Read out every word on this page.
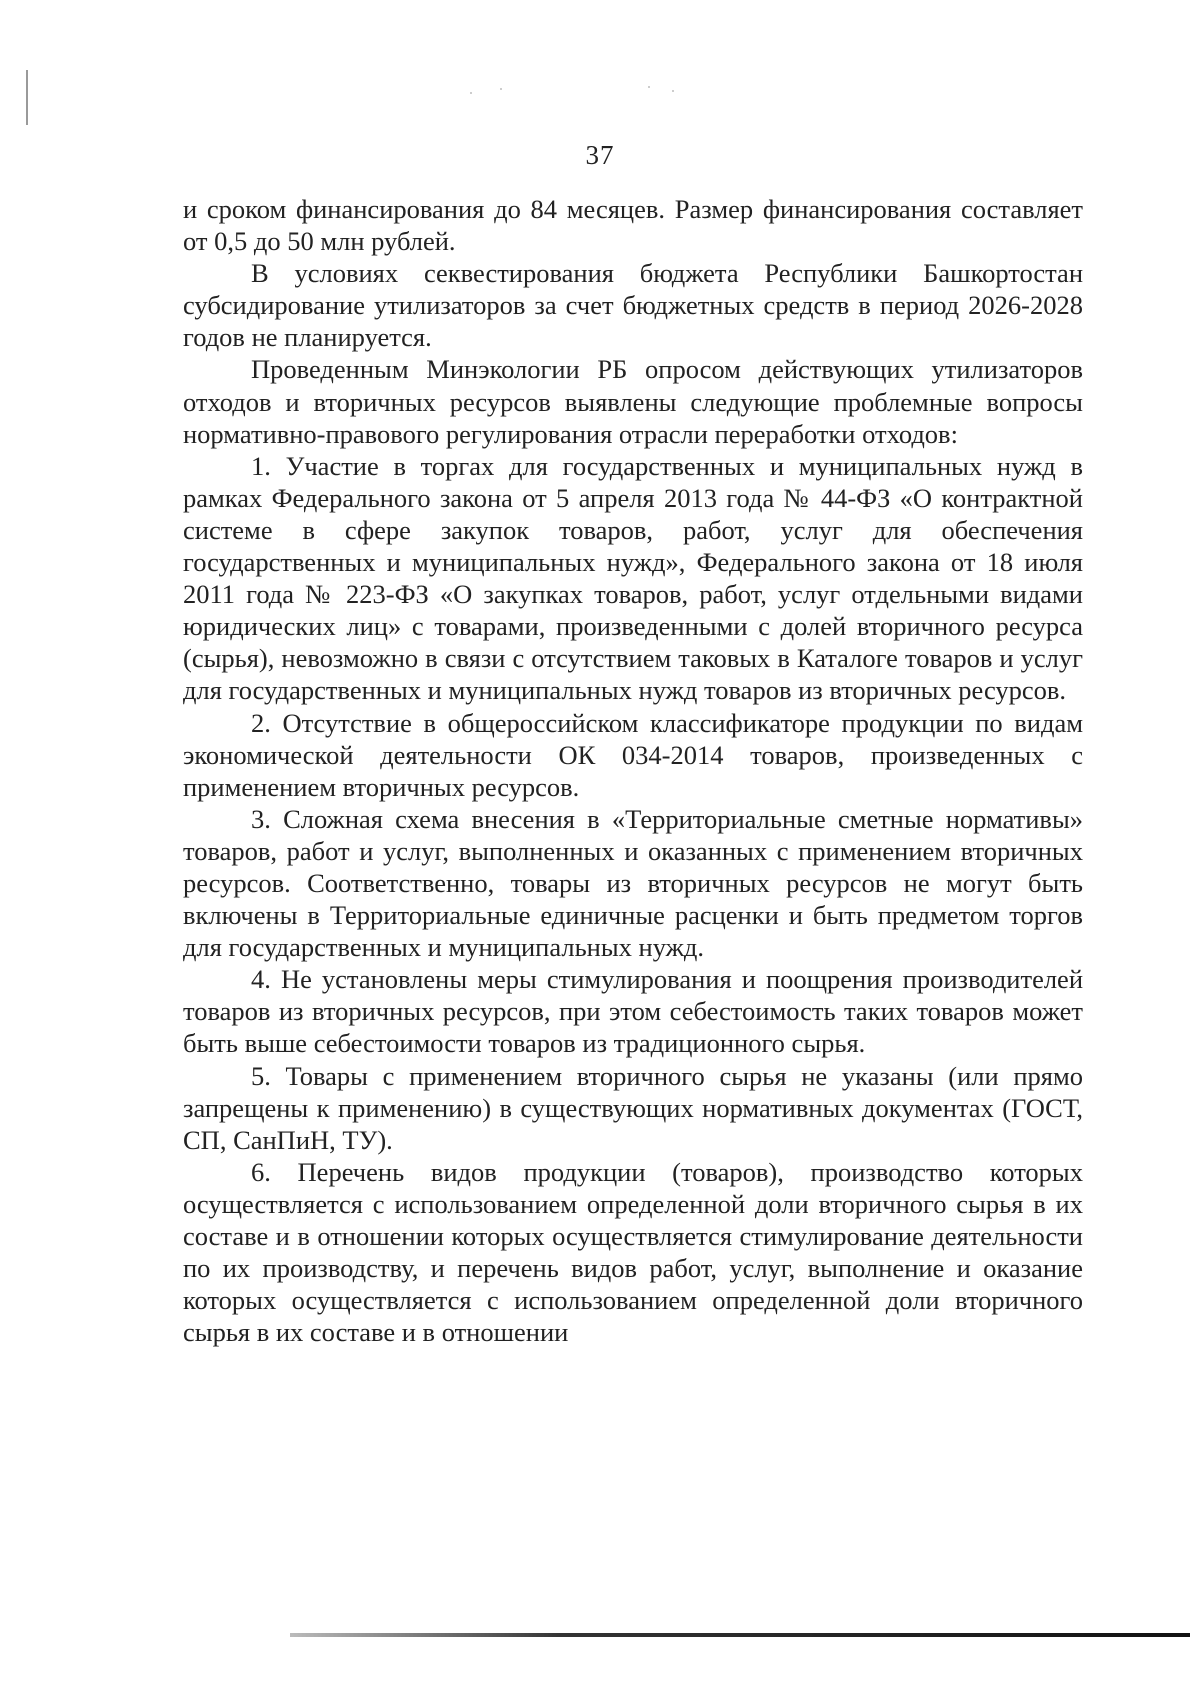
37

и сроком финансирования до 84 месяцев. Размер финансирования составляет от 0,5 до 50 млн рублей.

В условиях секвестирования бюджета Республики Башкортостан субсидирование утилизаторов за счет бюджетных средств в период 2026-2028 годов не планируется.

Проведенным Минэкологии РБ опросом действующих утилизаторов отходов и вторичных ресурсов выявлены следующие проблемные вопросы нормативно-правового регулирования отрасли переработки отходов:

1. Участие в торгах для государственных и муниципальных нужд в рамках Федерального закона от 5 апреля 2013 года № 44-ФЗ «О контрактной системе в сфере закупок товаров, работ, услуг для обеспечения государственных и муниципальных нужд», Федерального закона от 18 июля 2011 года № 223-ФЗ «О закупках товаров, работ, услуг отдельными видами юридических лиц» с товарами, произведенными с долей вторичного ресурса (сырья), невозможно в связи с отсутствием таковых в Каталоге товаров и услуг для государственных и муниципальных нужд товаров из вторичных ресурсов.

2. Отсутствие в общероссийском классификаторе продукции по видам экономической деятельности ОК 034-2014 товаров, произведенных с применением вторичных ресурсов.

3. Сложная схема внесения в «Территориальные сметные нормативы» товаров, работ и услуг, выполненных и оказанных с применением вторичных ресурсов. Соответственно, товары из вторичных ресурсов не могут быть включены в Территориальные единичные расценки и быть предметом торгов для государственных и муниципальных нужд.

4. Не установлены меры стимулирования и поощрения производителей товаров из вторичных ресурсов, при этом себестоимость таких товаров может быть выше себестоимости товаров из традиционного сырья.

5. Товары с применением вторичного сырья не указаны (или прямо запрещены к применению) в существующих нормативных документах (ГОСТ, СП, СанПиН, ТУ).

6. Перечень видов продукции (товаров), производство которых осуществляется с использованием определенной доли вторичного сырья в их составе и в отношении которых осуществляется стимулирование деятельности по их производству, и перечень видов работ, услуг, выполнение и оказание которых осуществляется с использованием определенной доли вторичного сырья в их составе и в отношении
